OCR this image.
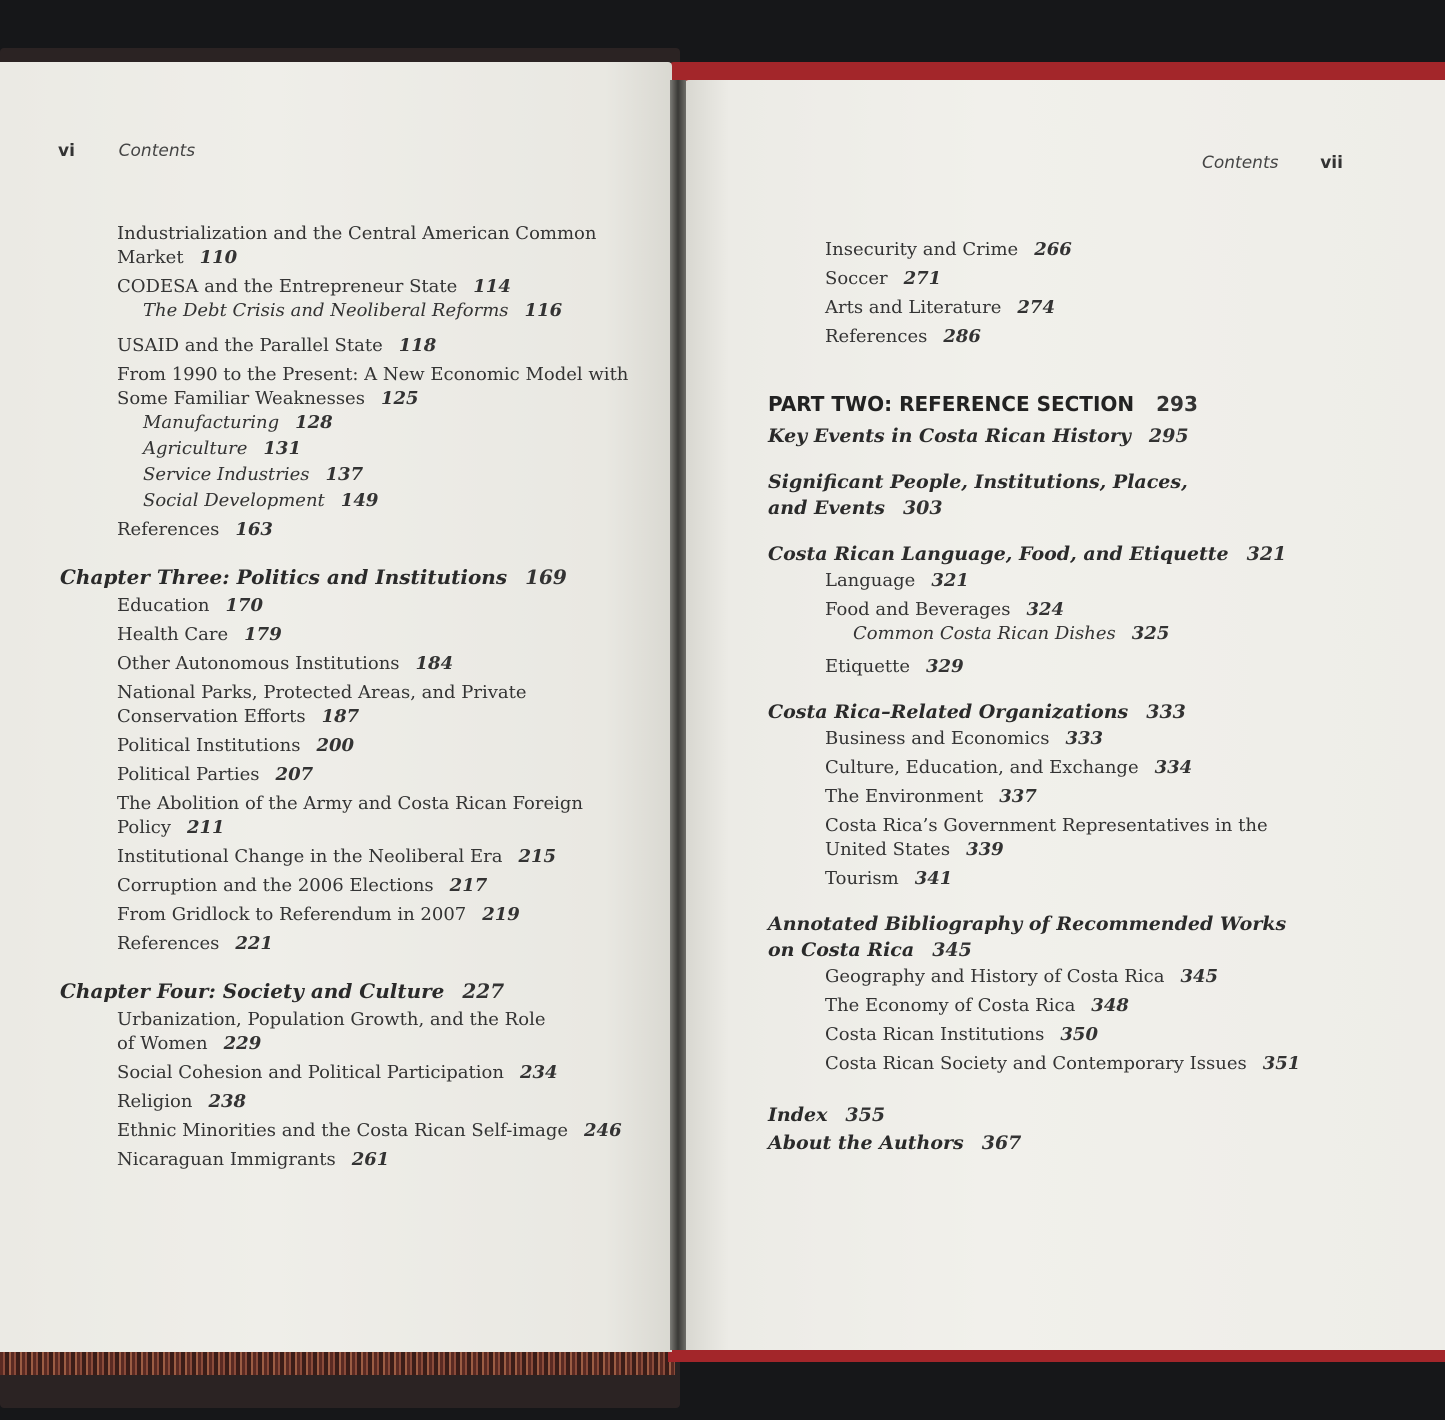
vi	Contents
Contents vii
Industrialization and the Central American Common Market 110
CODESA and the Entrepreneur State 114
The Debt Crisis and Neoliberal Reforms 116
USAID and the Parallel State 118
From 1990 to the Present: A New Economic Model with Some Familiar Weaknesses 125
Manufacturing 128
Agriculture 131
Service Industries 137
Social Development 149
References 163
Chapter Three: Politics and Institutions 169
Education 170
Health Care 179
Other Autonomous Institutions 184
National Parks, Protected Areas, and Private Conservation Efforts 187
Political Institutions 200
Political Parties 207
The Abolition of the Army and Costa Rican Foreign Policy 211
Institutional Change in the Neoliberal Era 215
Corruption and the 2006 Elections 217
From Gridlock to Referendum in 2007 219
References 221
Chapter Four: Society and Culture 227
Urbanization, Population Growth, and the Role of Women 229
Social Cohesion and Political Participation 234
Religion 238
Ethnic Minorities and the Costa Rican Self-image 246
Nicaraguan Immigrants 261
Insecurity and Crime 266
Soccer 271
Arts and Literature 274
References 286
PART TWO: REFERENCE SECTION 293
Key Events in Costa Rican History 295
Significant People, Institutions, Places, and Events 303
Costa Rican Language, Food, and Etiquette 321
Language 321
Food and Beverages 324
Common Costa Rican Dishes 325
Etiquette 329
Costa Rica–Related Organizations 333
Business and Economics 333
Culture, Education, and Exchange 334
The Environment 337
Costa Rica’s Government Representatives in the United States 339
Tourism 341
Annotated Bibliography of Recommended Works on Costa Rica 345
Geography and History of Costa Rica 345
The Economy of Costa Rica 348
Costa Rican Institutions 350
Costa Rican Society and Contemporary Issues 351
Index 355
About the Authors 367
